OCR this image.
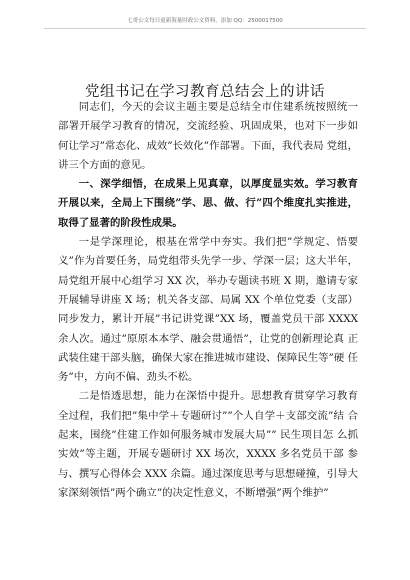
七哥公文每日更新海量时政公文资料，添加 QQ：2500017500
党组书记在学习教育总结会上的讲话

同志们，今天的会议主题主要是总结全市住建系统按照统一部署开展学习教育的情况，交流经验、巩固成果，也对下一步如何让学习”常态化、成效”长效化”作部署。下面，我代表局 党组，讲三个方面的意见。

一、深学细悟，在成果上见真章，以厚度显实效。学习教育开展以来，全局上下围绕”学、思、做、行”四个维度扎实推进，取得了显著的阶段性成果。

一是学深理论，根基在常学中夯实。我们把”学规定、悟要义”作为首要任务，局党组带头先学一步、学深一层；这大半年，局党组开展中心组学习 XX 次，举办专题读书班 X 期，邀请专家 开展辅导讲座 X 场；机关各支部、局属 XX 个单位党委（支部） 同步发力，累计开展”书记讲党课”XX 场，覆盖党员干部 XXXX 余人次。通过”原原本本学、融会贯通悟”，让党的创新理论真 正武装住建干部头脑，确保大家在推进城市建设、保障民生等”硬 任务”中，方向不偏、劲头不松。

二是悟透思想，能力在深悟中提升。思想教育贯穿学习教育全过程，我们把”集中学＋专题研讨””个人自学＋支部交流”结 合起来，围绕”住建工作如何服务城市发展大局”” 民生项目怎 么抓实效”等主题，开展专题研讨 XX 场次，XXXX 多名党员干部 参与、撰写心得体会 XXX 余篇。通过深度思考与思想碰撞，引导大家深刻领悟”两个确立”的决定性意义，不断增强”两个维护”
